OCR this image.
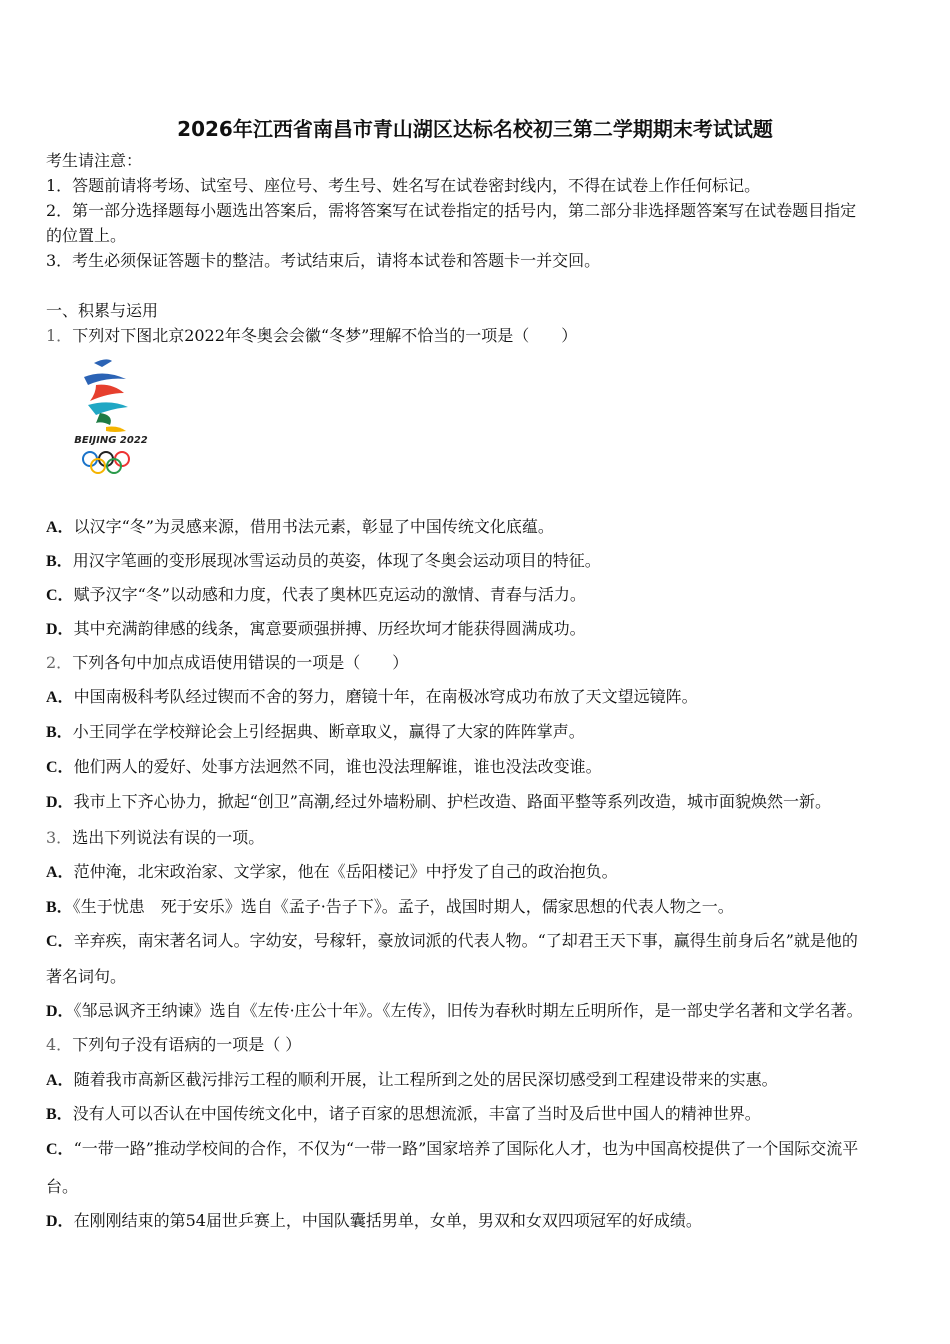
2026年江西省南昌市青山湖区达标名校初三第二学期期末考试试题
考生请注意：
1．答题前请将考场、试室号、座位号、考生号、姓名写在试卷密封线内，不得在试卷上作任何标记。
2．第一部分选择题每小题选出答案后，需将答案写在试卷指定的括号内，第二部分非选择题答案写在试卷题目指定
的位置上。
3．考生必须保证答题卡的整洁。考试结束后，请将本试卷和答题卡一并交回。
一、积累与运用
1．下列对下图北京2022年冬奥会会徽“冬梦”理解不恰当的一项是（　　）
BEIJING 2022
A．以汉字“冬”为灵感来源，借用书法元素，彰显了中国传统文化底蕴。
B．用汉字笔画的变形展现冰雪运动员的英姿，体现了冬奥会运动项目的特征。
C．赋予汉字“冬”以动感和力度，代表了奥林匹克运动的激情、青春与活力。
D．其中充满韵律感的线条，寓意要顽强拼搏、历经坎坷才能获得圆满成功。
2．下列各句中加点成语使用错误的一项是（　　）
A．中国南极科考队经过锲而不舍的努力，磨镜十年，在南极冰穹成功布放了天文望远镜阵。
B．小王同学在学校辩论会上引经据典、断章取义，赢得了大家的阵阵掌声。
C．他们两人的爱好、处事方法迥然不同，谁也没法理解谁，谁也没法改变谁。
D．我市上下齐心协力，掀起“创卫”高潮,经过外墙粉刷、护栏改造、路面平整等系列改造，城市面貌焕然一新。
3．选出下列说法有误的一项。
A．范仲淹，北宋政治家、文学家，他在《岳阳楼记》中抒发了自己的政治抱负。
B．《生于忧患　死于安乐》选自《孟子·告子下》。孟子，战国时期人，儒家思想的代表人物之一。
C．辛弃疾，南宋著名词人。字幼安，号稼轩，豪放词派的代表人物。“了却君王天下事，赢得生前身后名”就是他的
著名词句。
D．《邹忌讽齐王纳谏》选自《左传·庄公十年》。《左传》，旧传为春秋时期左丘明所作，是一部史学名著和文学名著。
4．下列句子没有语病的一项是（ ）
A．随着我市高新区截污排污工程的顺利开展，让工程所到之处的居民深切感受到工程建设带来的实惠。
B．没有人可以否认在中国传统文化中，诸子百家的思想流派，丰富了当时及后世中国人的精神世界。
C．“一带一路”推动学校间的合作，不仅为“一带一路”国家培养了国际化人才，也为中国高校提供了一个国际交流平
台。
D．在刚刚结束的第54届世乒赛上，中国队囊括男单，女单，男双和女双四项冠军的好成绩。
